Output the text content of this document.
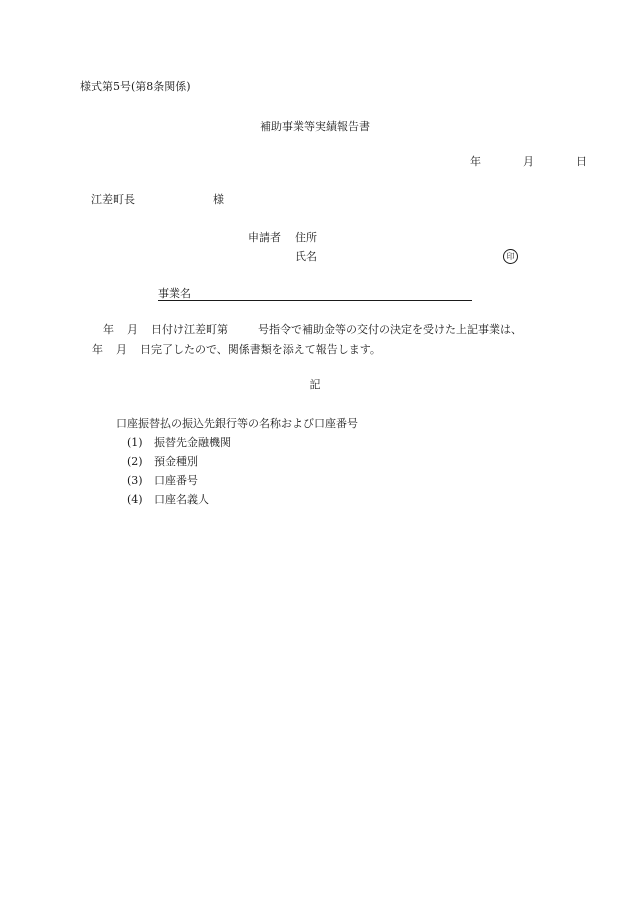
様式第5号(第8条関係)
補助事業等実績報告書
年	月	日
江差町長	様
申請者 住所
氏名	印
事業名
年 月 日付け江差町第	号指令で補助金等の交付の決定を受けた上記事業は、
年 月 日完了したので、関係書類を添えて報告します。
記
口座振替払の振込先銀行等の名称および口座番号
(1) 振替先金融機関
(2) 預金種別
(3) 口座番号
(4) 口座名義人
